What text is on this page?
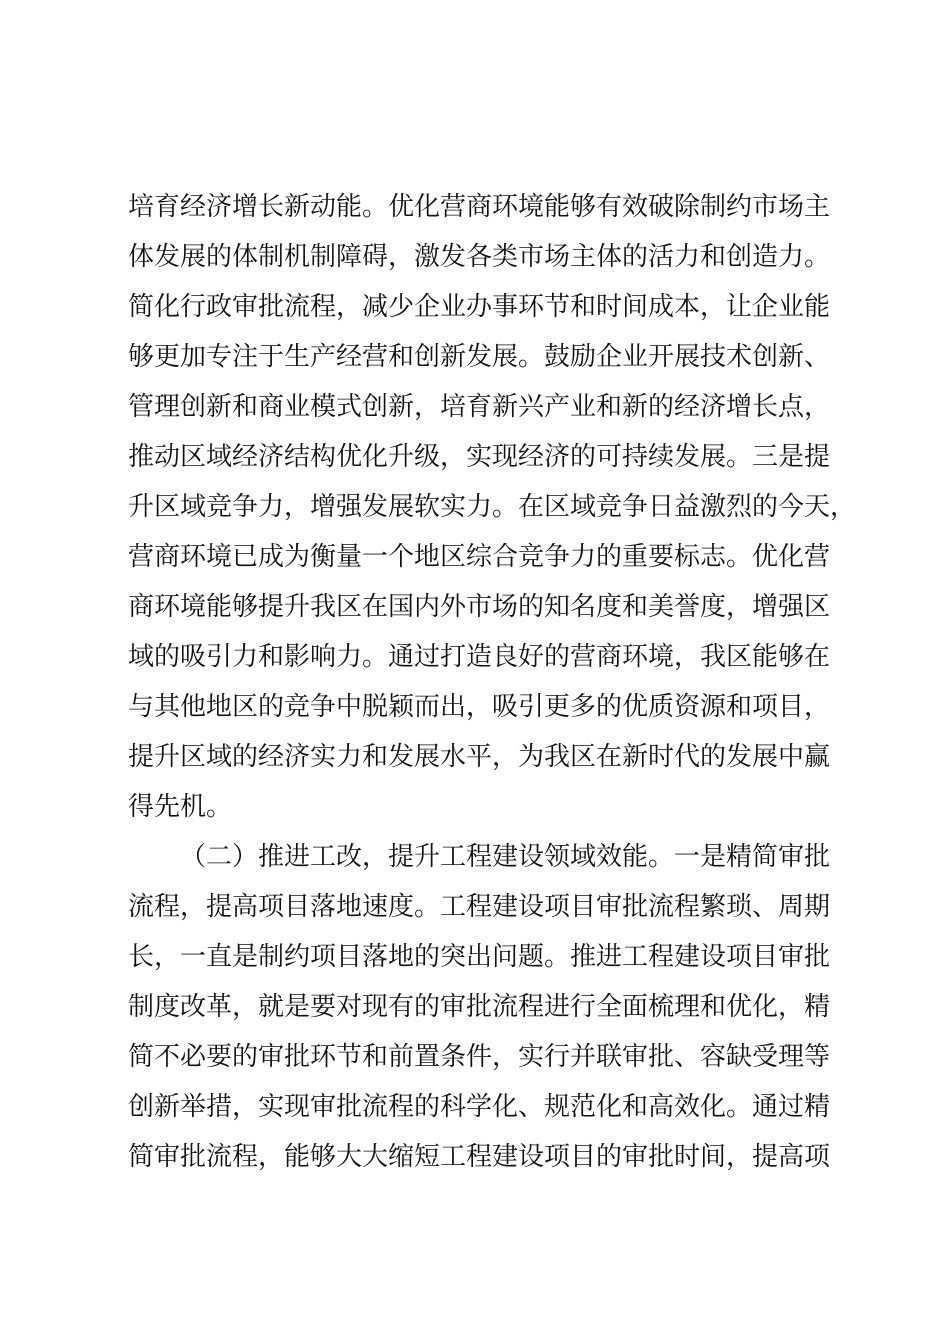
培育经济增长新动能。优化营商环境能够有效破除制约市场主
体发展的体制机制障碍，激发各类市场主体的活力和创造力。
简化行政审批流程，减少企业办事环节和时间成本，让企业能
够更加专注于生产经营和创新发展。鼓励企业开展技术创新、
管理创新和商业模式创新，培育新兴产业和新的经济增长点，
推动区域经济结构优化升级，实现经济的可持续发展。三是提
升区域竞争力，增强发展软实力。在区域竞争日益激烈的今天，
营商环境已成为衡量一个地区综合竞争力的重要标志。优化营
商环境能够提升我区在国内外市场的知名度和美誉度，增强区
域的吸引力和影响力。通过打造良好的营商环境，我区能够在
与其他地区的竞争中脱颖而出，吸引更多的优质资源和项目，
提升区域的经济实力和发展水平，为我区在新时代的发展中赢
得先机。
（二）推进工改，提升工程建设领域效能。一是精简审批
流程，提高项目落地速度。工程建设项目审批流程繁琐、周期
长，一直是制约项目落地的突出问题。推进工程建设项目审批
制度改革，就是要对现有的审批流程进行全面梳理和优化，精
简不必要的审批环节和前置条件，实行并联审批、容缺受理等
创新举措，实现审批流程的科学化、规范化和高效化。通过精
简审批流程，能够大大缩短工程建设项目的审批时间，提高项
